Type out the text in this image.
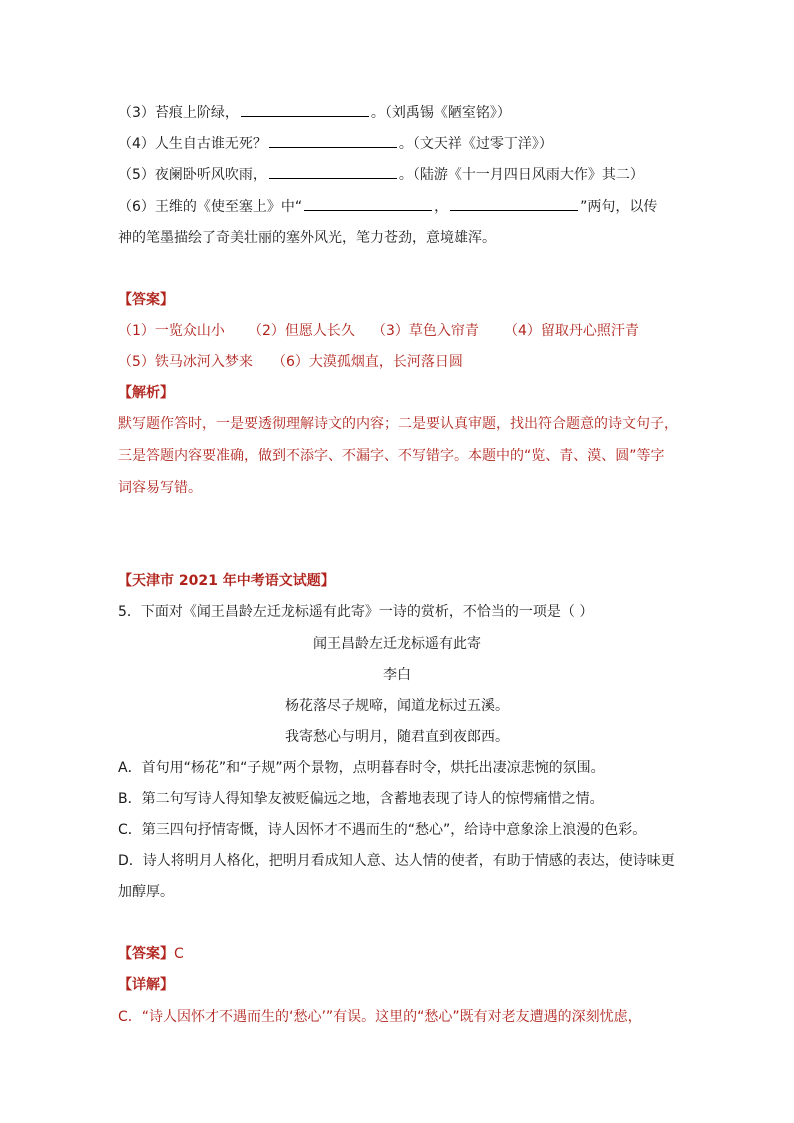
（3）苔痕上阶绿，	。（刘禹锡《陋室铭》）
（4）人生自古谁无死？	。（文天祥《过零丁洋》）
（5）夜阑卧听风吹雨，	。（陆游《十一月四日风雨大作》其二）
（6）王维的《使至塞上》中“	，	”两句，以传
神的笔墨描绘了奇美壮丽的塞外风光，笔力苍劲，意境雄浑。
【答案】
（1）一览众山小 （2）但愿人长久 （3）草色入帘青 （4）留取丹心照汗青
（5）铁马冰河入梦来 （6）大漠孤烟直，长河落日圆
【解析】
默写题作答时，一是要透彻理解诗文的内容；二是要认真审题，找出符合题意的诗文句子，
三是答题内容要准确，做到不添字、不漏字、不写错字。本题中的“览、青、漠、圆”等字
词容易写错。
【天津市 2021 年中考语文试题】
5．下面对《闻王昌龄左迁龙标遥有此寄》一诗的赏析，不恰当的一项是（ ）
闻王昌龄左迁龙标遥有此寄
李白
杨花落尽子规啼，闻道龙标过五溪。
我寄愁心与明月，随君直到夜郎西。
A．首句用“杨花”和“子规”两个景物，点明暮春时令，烘托出凄凉悲惋的氛围。
B．第二句写诗人得知挚友被贬偏远之地，含蓄地表现了诗人的惊愕痛惜之情。
C．第三四句抒情寄慨，诗人因怀才不遇而生的“愁心”，给诗中意象涂上浪漫的色彩。
D．诗人将明月人格化，把明月看成知人意、达人情的使者，有助于情感的表达，使诗味更
加醇厚。
【答案】C
【详解】
C．“诗人因怀才不遇而生的‘愁心’”有误。这里的“愁心”既有对老友遭遇的深刻忧虑，
